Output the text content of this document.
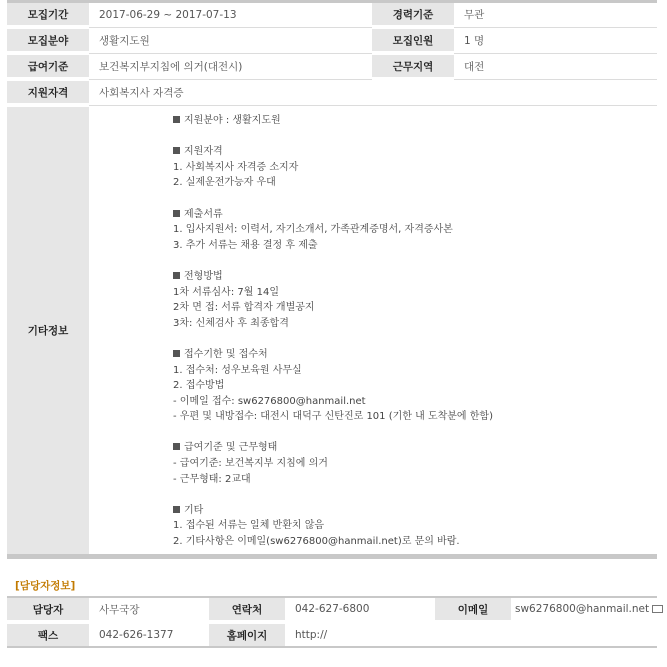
모집기간	2017-06-29 ~ 2017-07-13	경력기준	무관
모집분야	생활지도원	모집인원	1 명
급여기준	보건복지부지침에 의거(대전시)	근무지역	대전
지원자격	사회복지사 자격증		
기타정보	
지원분야 : 생활지도원
지원자격
1. 사회복지사 자격증 소지자
2. 실제운전가능자 우대
제출서류
1. 입사지원서: 이력서, 자기소개서, 가족관계증명서, 자격증사본
3. 추가 서류는 채용 결정 후 제출
전형방법
1차 서류심사: 7월 14일
2차 면 접: 서류 합격자 개별공지
3차: 신체검사 후 최종합격
접수기한 및 접수처
1. 접수처: 성우보육원 사무실
2. 접수방법
- 이메일 접수: sw6276800@hanmail.net
- 우편 및 내방접수: 대전시 대덕구 신탄진로 101 (기한 내 도착분에 한함)
급여기준 및 근무형태
- 급여기준: 보건복지부 지침에 의거
- 근무형태: 2교대
기타
1. 접수된 서류는 일체 반환치 않음
2. 기타사항은 이메일(sw6276800@hanmail.net)로 문의 바람.
[담당자정보]
담당자	사무국장	연락처	042-627-6800	이메일	sw6276800@hanmail.net
팩스	042-626-1377	홈페이지	http://		
